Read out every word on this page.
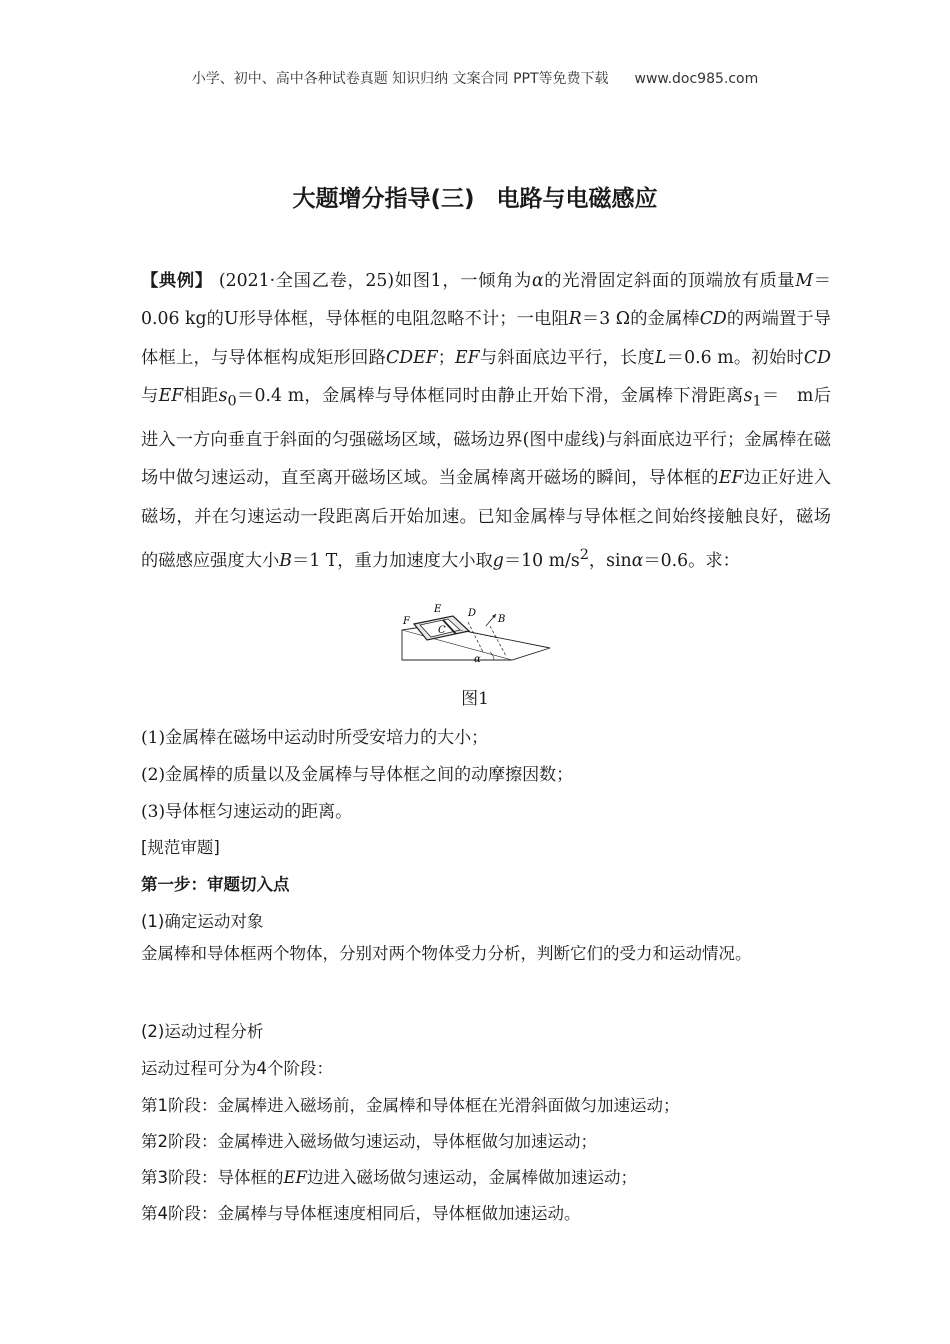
小学、初中、高中各种试卷真题 知识归纳 文案合同 PPT等免费下载 www.doc985.com
大题增分指导(三) 电路与电磁感应
【典例】 (2021·全国乙卷，25)如图1，一倾角为α的光滑固定斜面的顶端放有质量M＝0.06 kg的U形导体框，导体框的电阻忽略不计；一电阻R＝3 Ω的金属棒CD的两端置于导体框上，与导体框构成矩形回路CDEF；EF与斜面底边平行，长度L＝0.6 m。初始时CD与EF相距$s_0=0.4$ m，金属棒与导体框同时由静止开始下滑，金属棒下滑距离$s_1=$　m后进入一方向垂直于斜面的匀强磁场区域，磁场边界(图中虚线)与斜面底边平行；金属棒在磁场中做匀速运动，直至离开磁场区域。当金属棒离开磁场的瞬间，导体框的EF边正好进入磁场，并在匀速运动一段距离后开始加速。已知金属棒与导体框之间始终接触良好，磁场的磁感应强度大小B＝1 T，重力加速度大小取g＝10 $m/s^2$，sinα＝0.6。求：
E	D
F
C
B
α
图1
(1)金属棒在磁场中运动时所受安培力的大小；
(2)金属棒的质量以及金属棒与导体框之间的动摩擦因数；
(3)导体框匀速运动的距离。
[规范审题]
第一步：审题切入点
(1)确定运动对象
金属棒和导体框两个物体，分别对两个物体受力分析，判断它们的受力和运动情况。
(2)运动过程分析
运动过程可分为4个阶段：
第1阶段：金属棒进入磁场前，金属棒和导体框在光滑斜面做匀加速运动；
第2阶段：金属棒进入磁场做匀速运动，导体框做匀加速运动；
第3阶段：导体框的EF边进入磁场做匀速运动，金属棒做加速运动；
第4阶段：金属棒与导体框速度相同后，导体框做加速运动。
